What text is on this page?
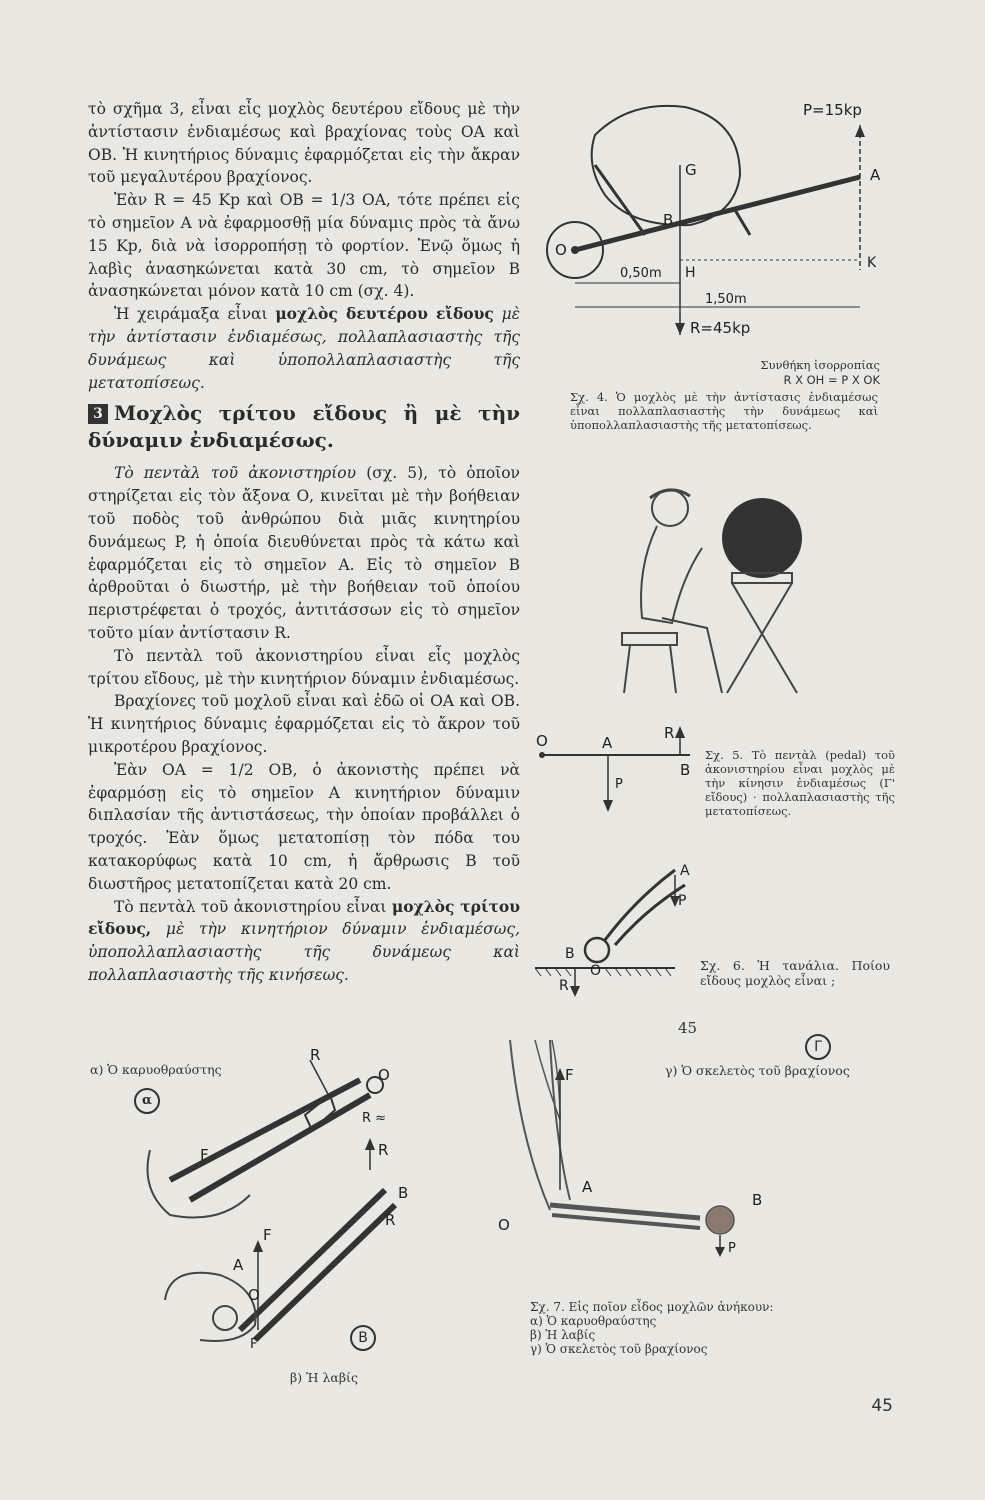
τὸ σχῆμα 3, εἶναι εἷς μοχλὸς δευτέρου εἴδους μὲ τὴν ἀντίστασιν ἐνδιαμέσως καὶ βραχίονας τοὺς ΟΑ καὶ ΟΒ. Ἡ κινητήριος δύναμις ἐφαρμόζεται εἰς τὴν ἄκραν τοῦ μεγαλυτέρου βραχίονος.

Ἐὰν R = 45 Kp καὶ OB = 1/3 OA, τότε πρέπει εἰς τὸ σημεῖον Α νὰ ἐφαρμοσθῇ μία δύναμις πρὸς τὰ ἄνω 15 Kp, διὰ νὰ ἰσορροπήσῃ τὸ φορτίον. Ἐνῷ ὅμως ἡ λαβὶς ἀνασηκώνεται κατὰ 30 cm, τὸ σημεῖον Β ἀνασηκώνεται μόνον κατὰ 10 cm (σχ. 4).

Ἡ χειράμαξα εἶναι μοχλὸς δευτέρου εἴδους μὲ τὴν ἀντίστασιν ἐνδιαμέσως, πολλαπλασιαστὴς τῆς δυνάμεως καὶ ὑποπολλαπλασιαστὴς τῆς μετατοπίσεως.

3 Μοχλὸς τρίτου εἴδους ἢ μὲ τὴν δύναμιν ἐνδιαμέσως.

Τὸ πεντὰλ τοῦ ἀκονιστηρίου (σχ. 5), τὸ ὁποῖον στηρίζεται εἰς τὸν ἄξονα Ο, κινεῖται μὲ τὴν βοήθειαν τοῦ ποδὸς τοῦ ἀνθρώπου διὰ μιᾶς κινητηρίου δυνάμεως P, ἡ ὁποία διευθύνεται πρὸς τὰ κάτω καὶ ἐφαρμόζεται εἰς τὸ σημεῖον Α. Εἰς τὸ σημεῖον Β ἀρθροῦται ὁ διωστήρ, μὲ τὴν βοήθειαν τοῦ ὁποίου περιστρέφεται ὁ τροχός, ἀντιτάσσων εἰς τὸ σημεῖον τοῦτο μίαν ἀντίστασιν R.

Τὸ πεντὰλ τοῦ ἀκονιστηρίου εἶναι εἷς μοχλὸς τρίτου εἴδους, μὲ τὴν κινητήριον δύναμιν ἐνδιαμέσως.

Βραχίονες τοῦ μοχλοῦ εἶναι καὶ ἐδῶ οἱ ΟΑ καὶ ΟΒ. Ἡ κινητήριος δύναμις ἐφαρμόζεται εἰς τὸ ἄκρον τοῦ μικροτέρου βραχίονος.

Ἐὰν ΟΑ = 1/2 ΟΒ, ὁ ἀκονιστὴς πρέπει νὰ ἐφαρμόσῃ εἰς τὸ σημεῖον Α κινητήριον δύναμιν διπλασίαν τῆς ἀντιστάσεως, τὴν ὁποίαν προβάλλει ὁ τροχός. Ἐὰν ὅμως μετατοπίσῃ τὸν πόδα του κατακορύφως κατὰ 10 cm, ἡ ἄρθρωσις Β τοῦ διωστῆρος μετατοπίζεται κατὰ 20 cm.

Τὸ πεντὰλ τοῦ ἀκονιστηρίου εἶναι μοχλὸς τρίτου εἴδους, μὲ τὴν κινητήριον δύναμιν ἐνδιαμέσως, ὑποπολλαπλασιαστὴς τῆς δυνάμεως καὶ πολλαπλασιαστὴς τῆς κινήσεως.

O
G	A
B
H
K
0,50m
1,50m
P=15kp
R=45kp
Συνθήκη ἰσορροπίας
R X OH = P X OK
Σχ. 4. Ὁ μοχλὸς μὲ τὴν ἀντίστασις ἐνδιαμέσως εἶναι πολλαπλασιαστὴς τὴν δυνάμεως καὶ ὑποπολλαπλασιαστὴς τῆς μετατοπίσεως.
O	A
R
B
P
Σχ. 5. Τὸ πεντὰλ (pedal) τοῦ ἀκονιστηρίου εἶναι μοχλὸς μὲ τὴν κίνησιν ἐνδιαμέσως (Γ' εἴδους) · πολλαπλασιαστὴς τῆς μετατοπίσεως.
A
P
B
O
R
Σχ. 6. Ἡ τανάλια. Ποίου εἴδους μοχλὸς εἶναι ;
α) Ὁ καρυοθραύστης
R
O
R ≈
F	R
B
R
F
A
O
F
α
B
Γ
β) Ἡ λαβίς
45
γ) Ὁ σκελετὸς τοῦ βραχίονος
F
A
B
O
P
Σχ. 7. Εἰς ποῖον εἶδος μοχλῶν ἀνήκουν:
α) Ὁ καρυοθραύστης
β) Ἡ λαβίς
γ) Ὁ σκελετὸς τοῦ βραχίονος
45
